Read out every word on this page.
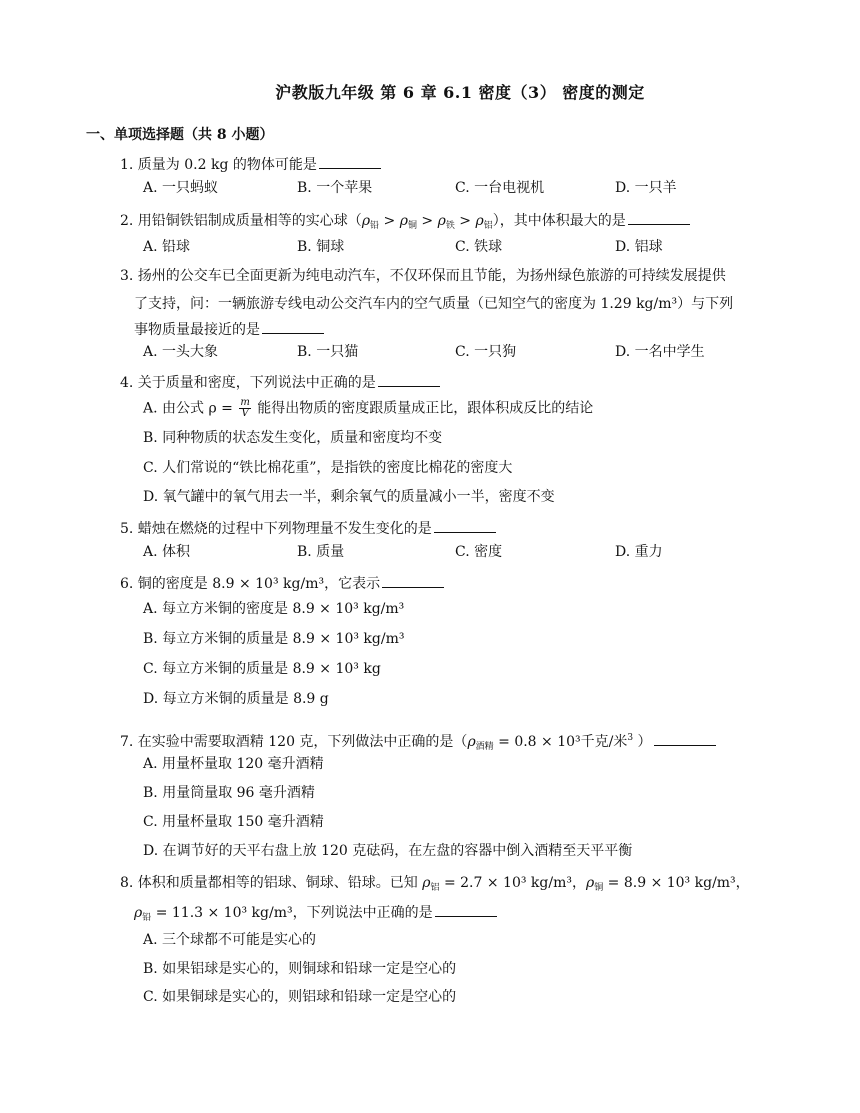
沪教版九年级 第 6 章 6.1 密度（3） 密度的测定
一、单项选择题（共 8 小题）
1. 质量为 0.2 kg 的物体可能是
A. 一只蚂蚁	B. 一个苹果	C. 一台电视机	D. 一只羊
2. 用铅铜铁铝制成质量相等的实心球$(\rho_铅 > \rho_铜 > \rho_铁 > \rho_铝)$，其中体积最大的是
A. 铅球	B. 铜球	C. 铁球	D. 铝球
3. 扬州的公交车已全面更新为纯电动汽车，不仅环保而且节能，为扬州绿色旅游的可持续发展提供
了支持，问：一辆旅游专线电动公交汽车内的空气质量（已知空气的密度为 1.29 kg/m³）与下列
事物质量最接近的是
A. 一头大象	B. 一只猫	C. 一只狗	D. 一名中学生
4. 关于质量和密度，下列说法中正确的是
A. 由公式 $\rho = \frac{m}{V}$ 能得出物质的密度跟质量成正比，跟体积成反比的结论
B. 同种物质的状态发生变化，质量和密度均不变
C. 人们常说的“铁比棉花重”，是指铁的密度比棉花的密度大
D. 氧气罐中的氧气用去一半，剩余氧气的质量减小一半，密度不变
5. 蜡烛在燃烧的过程中下列物理量不发生变化的是
A. 体积	B. 质量	C. 密度	D. 重力
6. 铜的密度是 8.9 × 10³ kg/m³，它表示
A. 每立方米铜的密度是 8.9 × 10³ kg/m³
B. 每立方米铜的质量是 8.9 × 10³ kg/m³
C. 每立方米铜的质量是 8.9 × 10³ kg
D. 每立方米铜的质量是 8.9 g
7. 在实验中需要取酒精 120 克，下列做法中正确的是（$\rho_{酒精} = 0.8 \times 10^3$千克/米$^3$ ）
A. 用量杯量取 120 毫升酒精
B. 用量筒量取 96 毫升酒精
C. 用量杯量取 150 毫升酒精
D. 在调节好的天平右盘上放 120 克砝码，在左盘的容器中倒入酒精至天平平衡
8. 体积和质量都相等的铝球、铜球、铅球。已知 $\rho_铝 = 2.7 \times 10^3$ kg/m³，$\rho_铜 = 8.9 \times 10^3$ kg/m³，
$\rho_铅 = 11.3 \times 10^3$ kg/m³，下列说法中正确的是
A. 三个球都不可能是实心的
B. 如果铝球是实心的，则铜球和铅球一定是空心的
C. 如果铜球是实心的，则铝球和铅球一定是空心的
